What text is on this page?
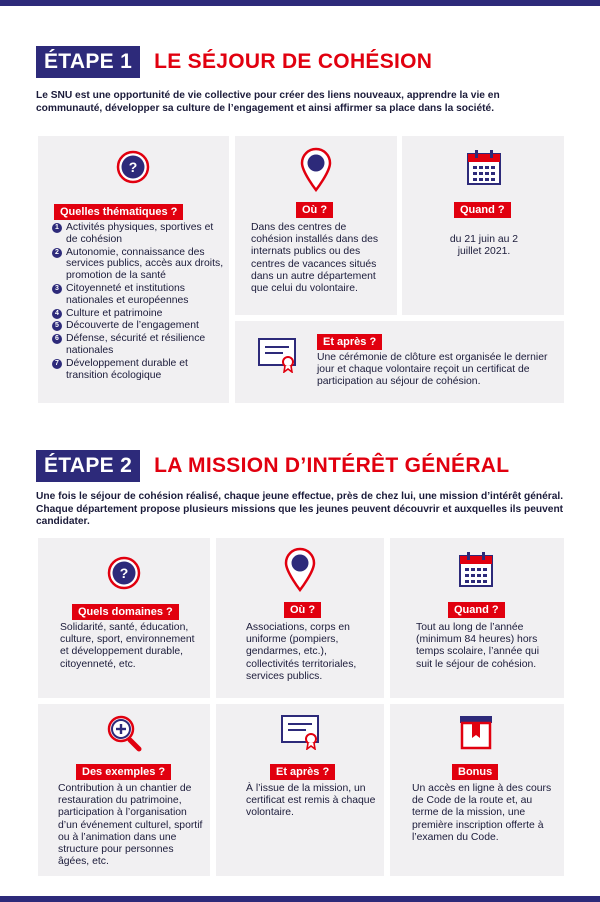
ÉTAPE 1	LE SÉJOUR DE COHÉSION

Le SNU est une opportunité de vie collective pour créer des liens nouveaux, apprendre la vie en communauté, développer sa culture de l’engagement et ainsi affirmer sa place dans la société.

?
Quelles thématiques ?
1 Activités physiques, sportives et de cohésion
2 Autonomie, connaissance des services publics, accès aux droits, promotion de la santé
3 Citoyenneté et institutions nationales et européennes
4 Culture et patrimoine
5 Découverte de l’engagement
6 Défense, sécurité et résilience nationales
7 Développement durable et transition écologique
Où ?

Dans des centres de cohésion installés dans des internats publics ou des centres de vacances situés dans un autre département que celui du volontaire.

Quand ?

du 21 juin au 2 juillet 2021.

Et après ?

Une cérémonie de clôture est organisée le dernier jour et chaque volontaire reçoit un certificat de participation au séjour de cohésion.

ÉTAPE 2	LA MISSION D’INTÉRÊT GÉNÉRAL

Une fois le séjour de cohésion réalisé, chaque jeune effectue, près de chez lui, une mission d’intérêt général. Chaque département propose plusieurs missions que les jeunes peuvent découvrir et auxquelles ils peuvent candidater.

?
Quels domaines ?

Solidarité, santé, éducation, culture, sport, environnement et développement durable, citoyenneté, etc.

Où ?

Associations, corps en uniforme (pompiers, gendarmes, etc.), collectivités territoriales, services publics.

Quand ?

Tout au long de l’année (minimum 84 heures) hors temps scolaire, l’année qui suit le séjour de cohésion.

Des exemples ?

Contribution à un chantier de restauration du patrimoine, participation à l’organisation d’un événement culturel, sportif ou à l’animation dans une structure pour personnes âgées, etc.

Et après ?

À l’issue de la mission, un certificat est remis à chaque volontaire.

Bonus

Un accès en ligne à des cours de Code de la route et, au terme de la mission, une première inscription offerte à l’examen du Code.
